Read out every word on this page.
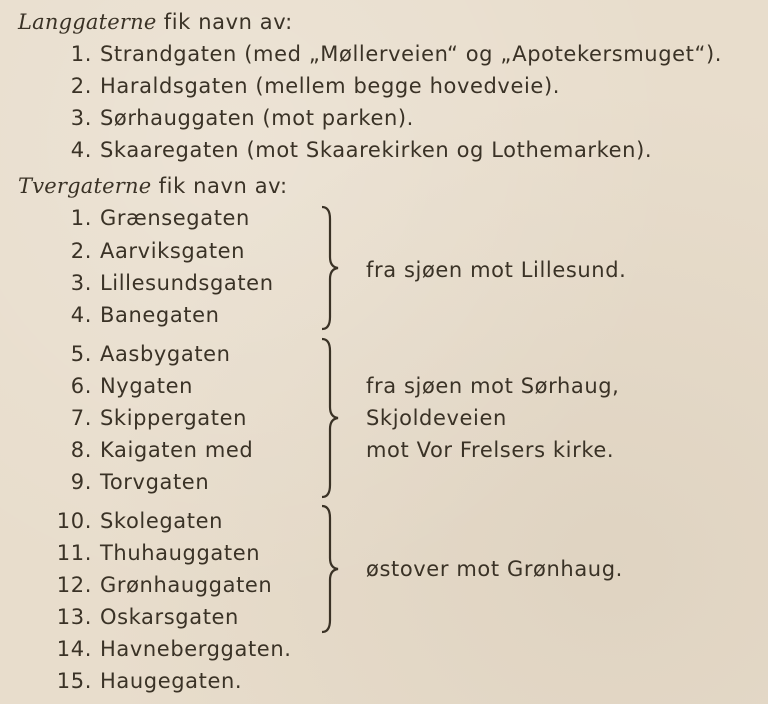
Langgaterne fik navn av:
1. Strandgaten (med „Møllerveien“ og „Apotekersmuget“).
2. Haraldsgaten (mellem begge hovedveie).
3. Sørhauggaten (mot parken).
4. Skaaregaten (mot Skaarekirken og Lothemarken).
Tvergaterne fik navn av:
1. Grænsegaten
2. Aarviksgaten
3. Lillesundsgaten
4. Banegaten
5. Aasbygaten
6. Nygaten
7. Skippergaten
8. Kaigaten med
9. Torvgaten
10. Skolegaten
11. Thuhauggaten
12. Grønhauggaten
13. Oskarsgaten
14. Havneberggaten.
15. Haugegaten.
fra sjøen mot Lillesund.
fra sjøen mot Sørhaug,
Skjoldeveien
mot Vor Frelsers kirke.
østover mot Grønhaug.
